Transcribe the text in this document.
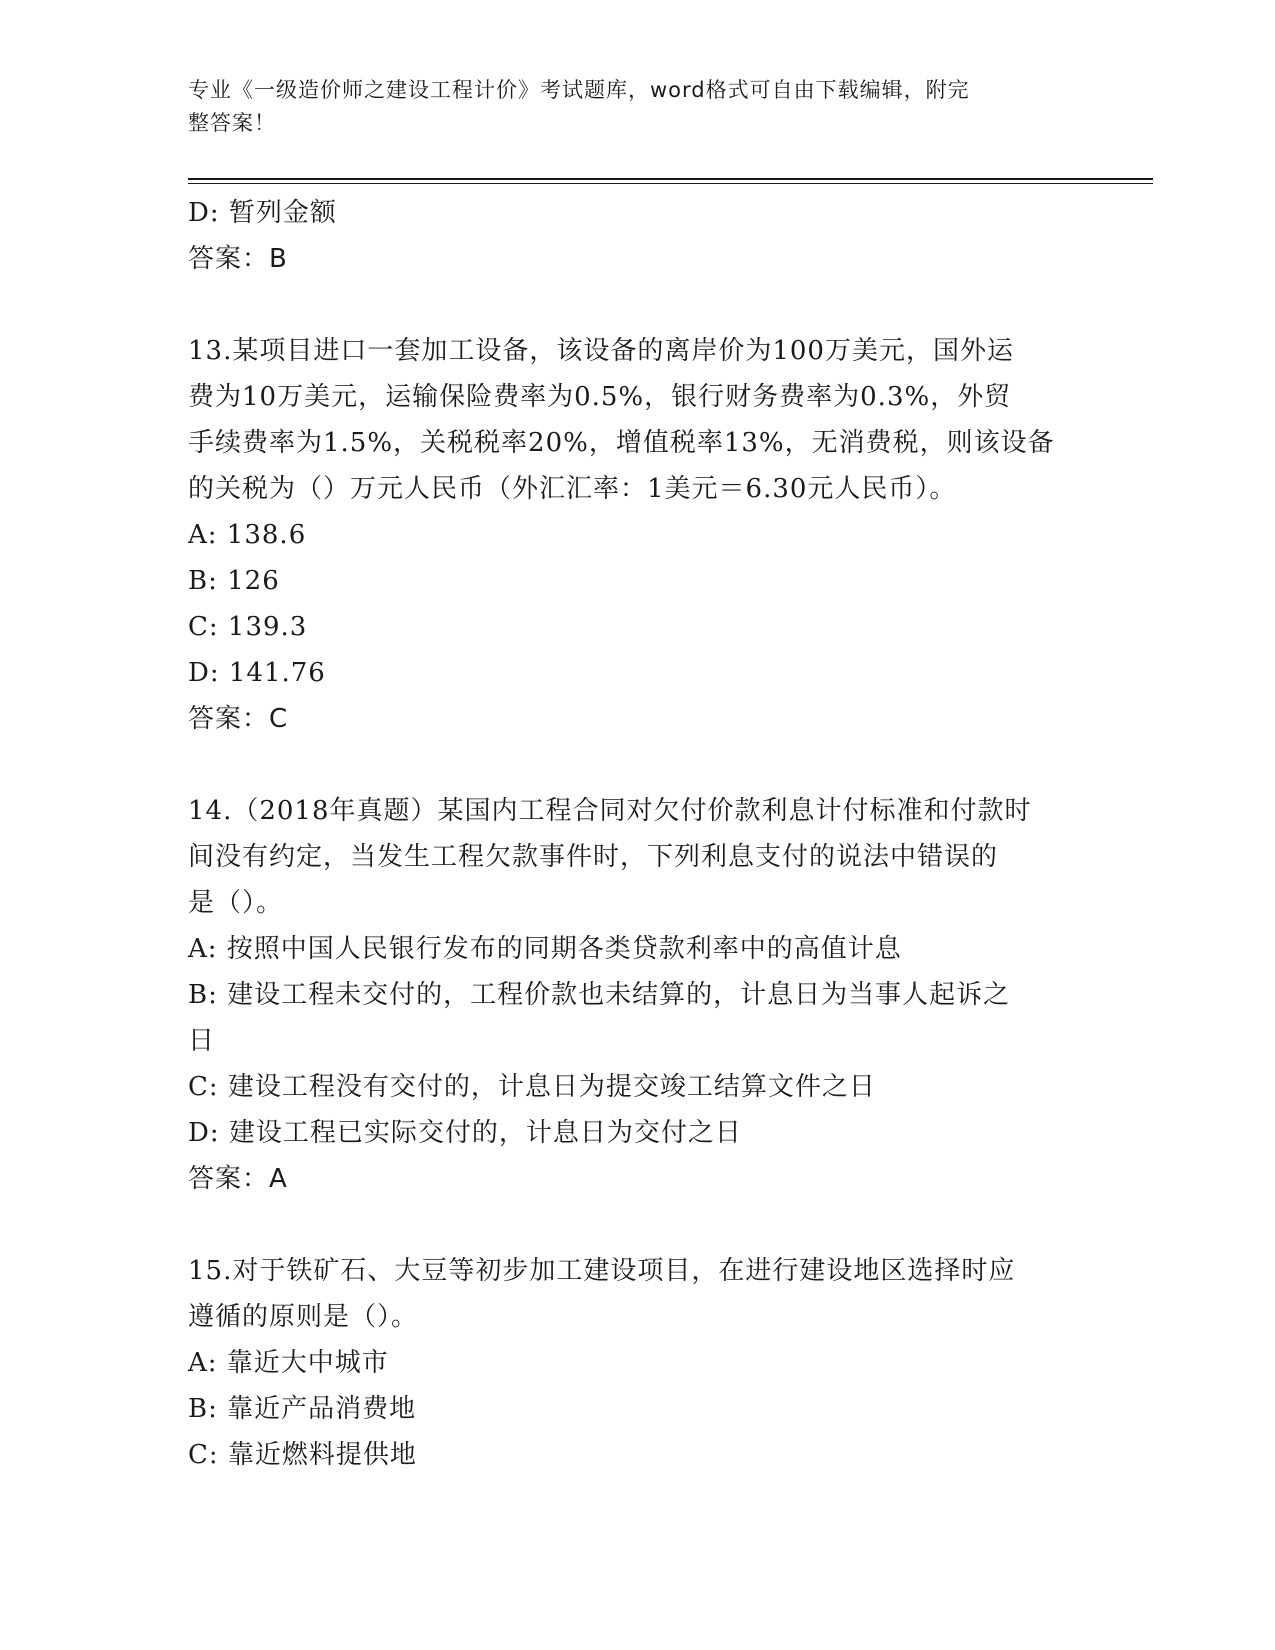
专业《一级造价师之建设工程计价》考试题库，word格式可自由下载编辑，附完
整答案！
D: 暂列金额
答案：B
13.某项目进口一套加工设备，该设备的离岸价为100万美元，国外运
费为10万美元，运输保险费率为0.5%，银行财务费率为0.3%，外贸
手续费率为1.5%，关税税率20%，增值税率13%，无消费税，则该设备
的关税为（）万元人民币（外汇汇率：1美元＝6.30元人民币）。
A: 138.6
B: 126
C: 139.3
D: 141.76
答案：C
14.（2018年真题）某国内工程合同对欠付价款利息计付标准和付款时
间没有约定，当发生工程欠款事件时，下列利息支付的说法中错误的
是（）。
A: 按照中国人民银行发布的同期各类贷款利率中的高值计息
B: 建设工程未交付的，工程价款也未结算的，计息日为当事人起诉之
日
C: 建设工程没有交付的，计息日为提交竣工结算文件之日
D: 建设工程已实际交付的，计息日为交付之日
答案：A
15.对于铁矿石、大豆等初步加工建设项目，在进行建设地区选择时应
遵循的原则是（）。
A: 靠近大中城市
B: 靠近产品消费地
C: 靠近燃料提供地
